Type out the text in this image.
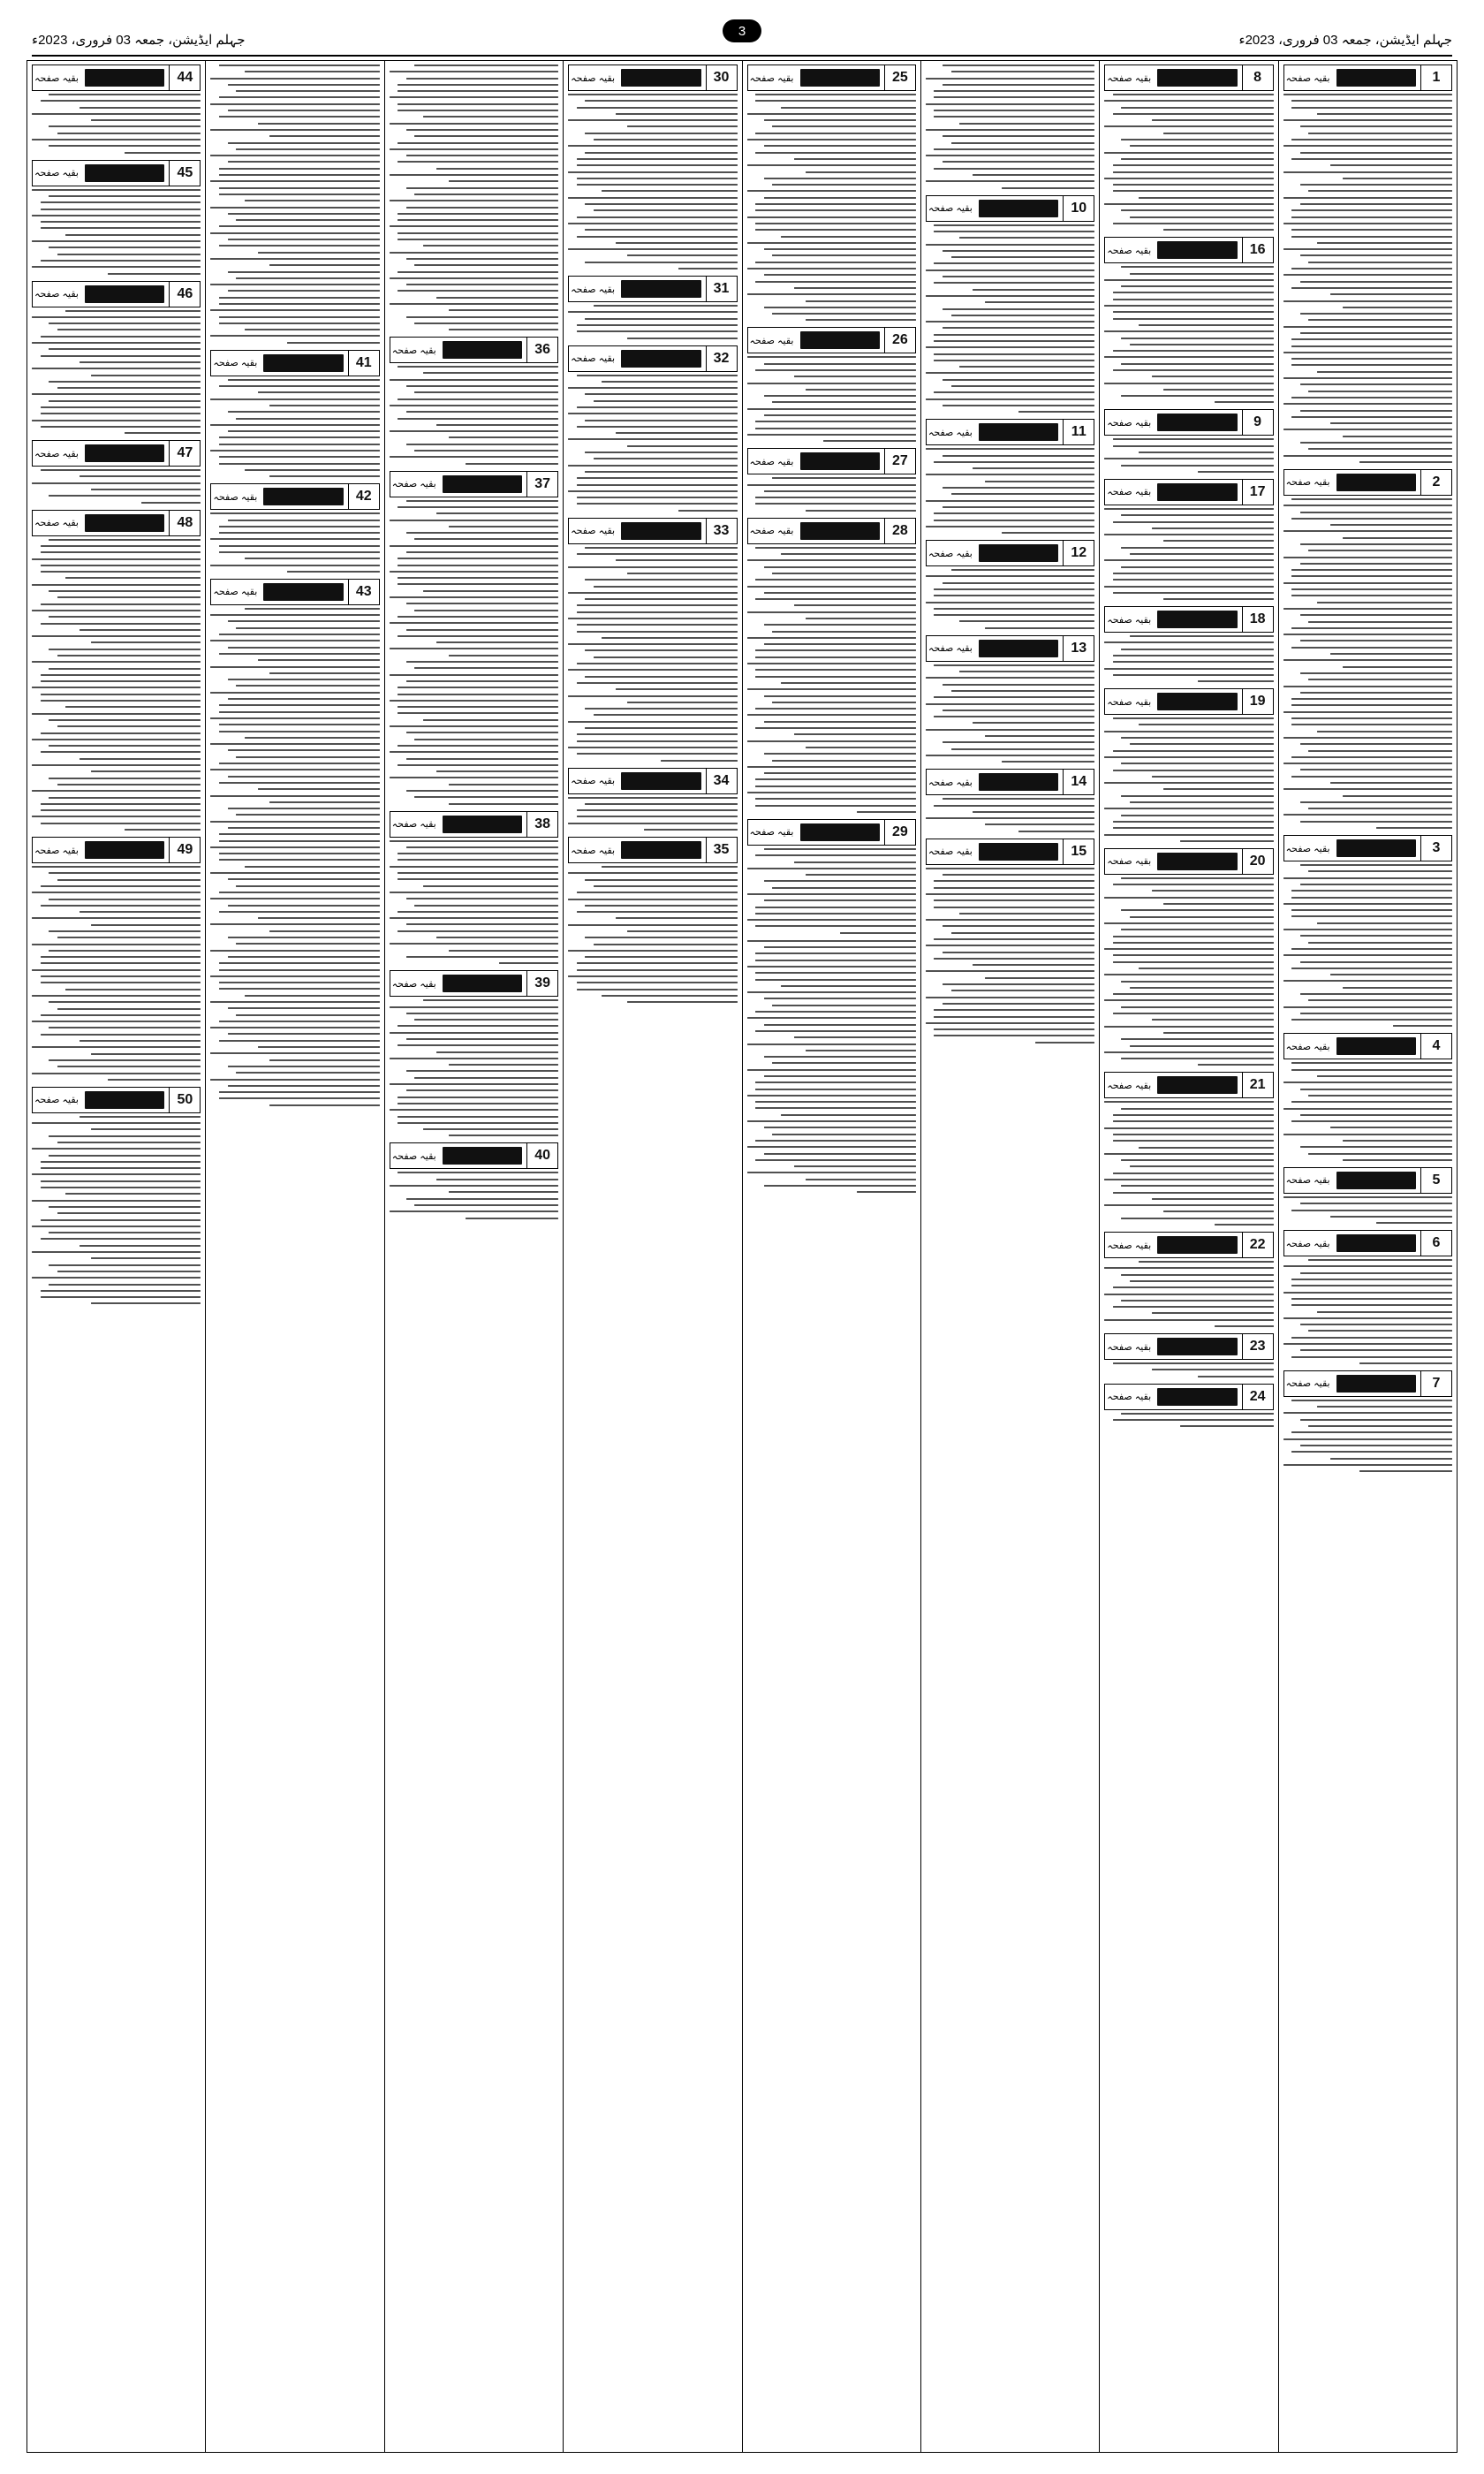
جہلم ایڈیشن، جمعہ 03 فروری، 2023ء
جہلم ایڈیشن، جمعہ 03 فروری، 2023ء
3
1
بقیہ صفحہ
2
بقیہ صفحہ
3
بقیہ صفحہ
4
بقیہ صفحہ
5
بقیہ صفحہ
6
بقیہ صفحہ
7
بقیہ صفحہ
8
بقیہ صفحہ
16
بقیہ صفحہ
9
بقیہ صفحہ
17
بقیہ صفحہ
18
بقیہ صفحہ
19
بقیہ صفحہ
20
بقیہ صفحہ
21
بقیہ صفحہ
22
بقیہ صفحہ
23
بقیہ صفحہ
24
بقیہ صفحہ
10
بقیہ صفحہ
11
بقیہ صفحہ
12
بقیہ صفحہ
13
بقیہ صفحہ
14
بقیہ صفحہ
15
بقیہ صفحہ
25
بقیہ صفحہ
26
بقیہ صفحہ
27
بقیہ صفحہ
28
بقیہ صفحہ
29
بقیہ صفحہ
30
بقیہ صفحہ
31
بقیہ صفحہ
32
بقیہ صفحہ
33
بقیہ صفحہ
34
بقیہ صفحہ
35
بقیہ صفحہ
36
بقیہ صفحہ
37
بقیہ صفحہ
38
بقیہ صفحہ
39
بقیہ صفحہ
40
بقیہ صفحہ
41
بقیہ صفحہ
42
بقیہ صفحہ
43
بقیہ صفحہ
44
بقیہ صفحہ
45
بقیہ صفحہ
46
بقیہ صفحہ
47
بقیہ صفحہ
48
بقیہ صفحہ
49
بقیہ صفحہ
50
بقیہ صفحہ
